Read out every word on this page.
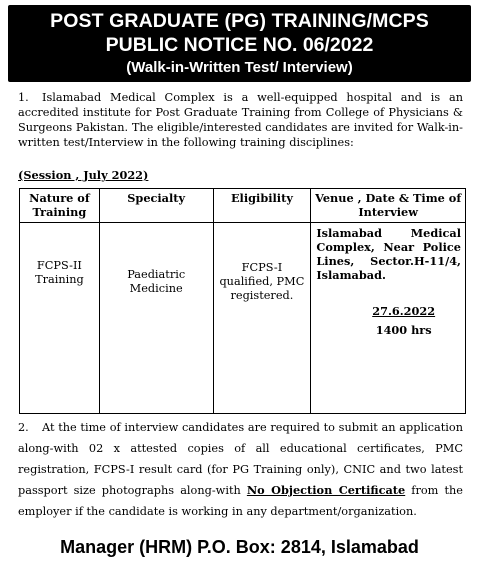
POST GRADUATE (PG) TRAINING/MCPS
PUBLIC NOTICE NO. 06/2022
(Walk-in-Written Test/ Interview)
1. Islamabad Medical Complex is a well-equipped hospital and is an accredited institute for Post Graduate Training from College of Physicians & Surgeons Pakistan. The eligible/interested candidates are invited for Walk-in-written test/Interview in the following training disciplines:
(Session , July 2022)
Nature of Training	Specialty	Eligibility	Venue , Date & Time of Interview
FCPS-II Training	Paediatric Medicine	FCPS-I qualified, PMC registered.	Islamabad Medical Complex, Near Police Lines, Sector.H-11/4, Islamabad.
27.6.2022
1400 hrs
2. At the time of interview candidates are required to submit an application along-with 02 x attested copies of all educational certificates, PMC registration, FCPS-I result card (for PG Training only), CNIC and two latest passport size photographs along-with No Objection Certificate from the employer if the candidate is working in any department/organization.
Manager (HRM) P.O. Box: 2814, Islamabad
